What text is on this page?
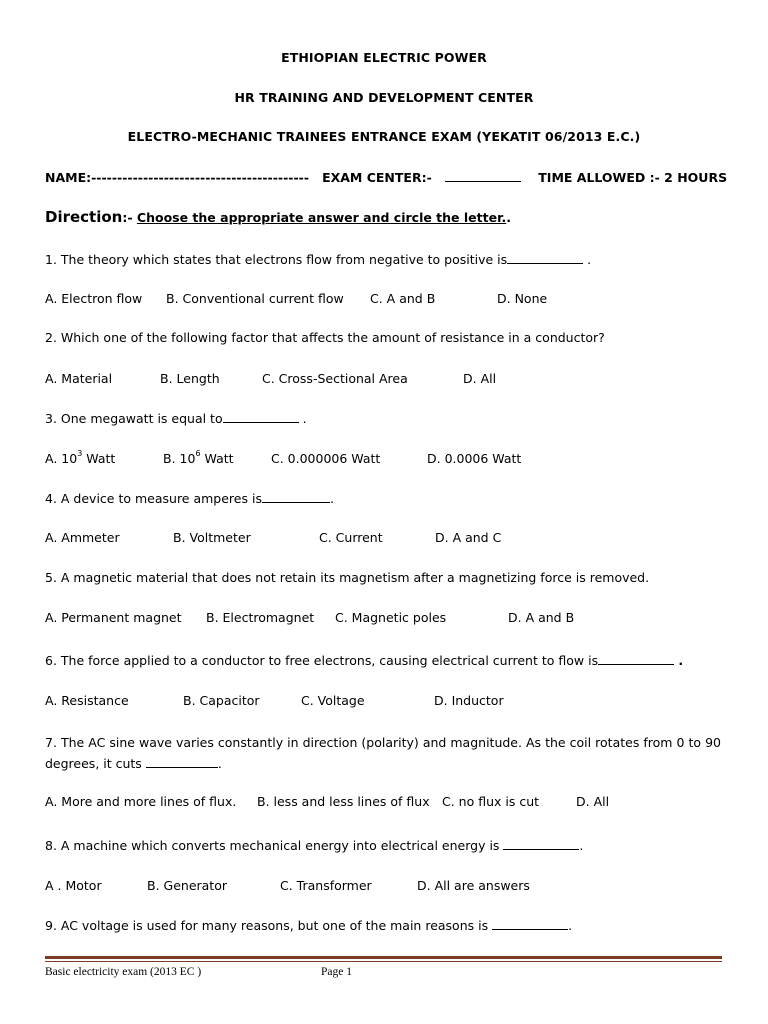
ETHIOPIAN ELECTRIC POWER
HR TRAINING AND DEVELOPMENT CENTER
ELECTRO-MECHANIC TRAINEES ENTRANCE EXAM (YEKATIT 06/2013 E.C.)
NAME:------------------------------------------ EXAM CENTER:-	TIME ALLOWED :- 2 HOURS
Direction:- Choose the appropriate answer and circle the letter..
1. The theory which states that electrons flow from negative to positive is	.
A. Electron flow B. Conventional current flow C. A and B	D. None
2. Which one of the following factor that affects the amount of resistance in a conductor?
A. Material	B. Length	C. Cross-Sectional Area	D. All
3. One megawatt is equal to	.
A. $10^3$ Watt	B. $10^6$ Watt	C. 0.000006 Watt	D. 0.0006 Watt
4. A device to measure amperes is	.
A. Ammeter	B. Voltmeter	C. Current	D. A and C
5. A magnetic material that does not retain its magnetism after a magnetizing force is removed.
A. Permanent magnet B. Electromagnet C. Magnetic poles	D. A and B
6. The force applied to a conductor to free electrons, causing electrical current to flow is	.
A. Resistance	B. Capacitor	C. Voltage	D. Inductor
7. The AC sine wave varies constantly in direction (polarity) and magnitude. As the coil rotates from 0 to 90 degrees, it cuts	.
A. More and more lines of flux. B. less and less lines of flux C. no flux is cut	D. All
8. A machine which converts mechanical energy into electrical energy is	.
A . Motor	B. Generator	C. Transformer	D. All are answers
9. AC voltage is used for many reasons, but one of the main reasons is	.
Basic electricity exam (2013 EC )	Page 1
